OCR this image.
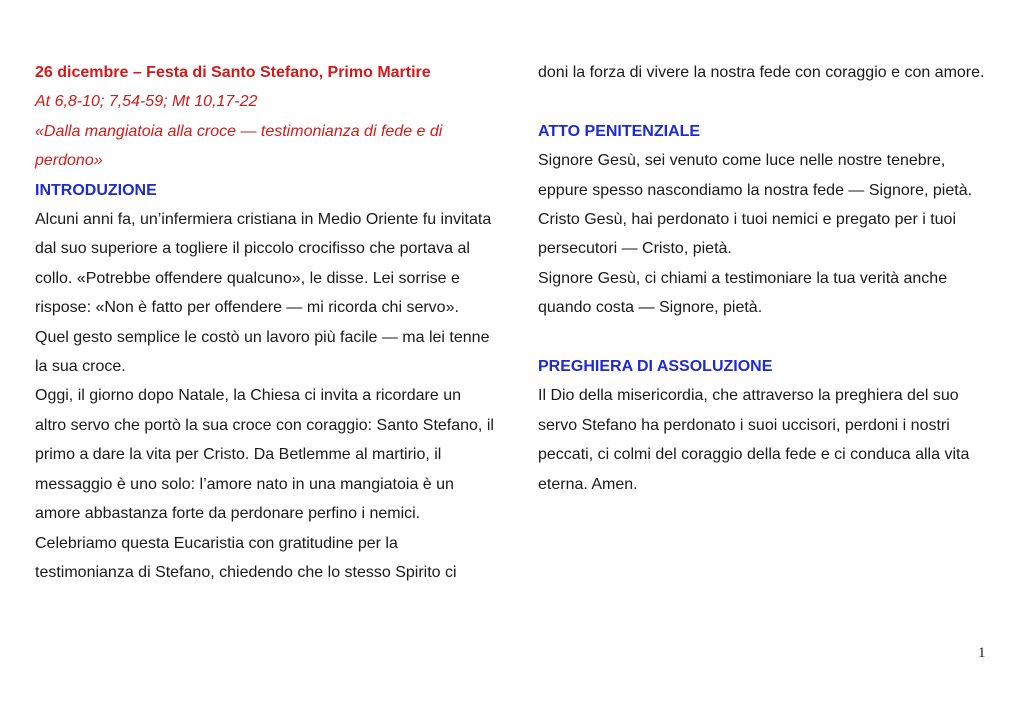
26 dicembre – Festa di Santo Stefano, Primo Martire

At 6,8-10; 7,54-59; Mt 10,17-22

«Dalla mangiatoia alla croce — testimonianza di fede e di perdono»

INTRODUZIONE

Alcuni anni fa, un’infermiera cristiana in Medio Oriente fu invitata dal suo superiore a togliere il piccolo crocifisso che portava al collo. «Potrebbe offendere qualcuno», le disse. Lei sorrise e rispose: «Non è fatto per offendere — mi ricorda chi servo». Quel gesto semplice le costò un lavoro più facile — ma lei tenne la sua croce.

Oggi, il giorno dopo Natale, la Chiesa ci invita a ricordare un altro servo che portò la sua croce con coraggio: Santo Stefano, il primo a dare la vita per Cristo. Da Betlemme al martirio, il messaggio è uno solo: l’amore nato in una mangiatoia è un amore abbastanza forte da perdonare perfino i nemici.

Celebriamo questa Eucaristia con gratitudine per la testimonianza di Stefano, chiedendo che lo stesso Spirito ci

doni la forza di vivere la nostra fede con coraggio e con amore.

ATTO PENITENZIALE

Signore Gesù, sei venuto come luce nelle nostre tenebre, eppure spesso nascondiamo la nostra fede — Signore, pietà.

Cristo Gesù, hai perdonato i tuoi nemici e pregato per i tuoi persecutori — Cristo, pietà.

Signore Gesù, ci chiami a testimoniare la tua verità anche quando costa — Signore, pietà.

PREGHIERA DI ASSOLUZIONE

Il Dio della misericordia, che attraverso la preghiera del suo servo Stefano ha perdonato i suoi uccisori, perdoni i nostri peccati, ci colmi del coraggio della fede e ci conduca alla vita eterna. Amen.

1
